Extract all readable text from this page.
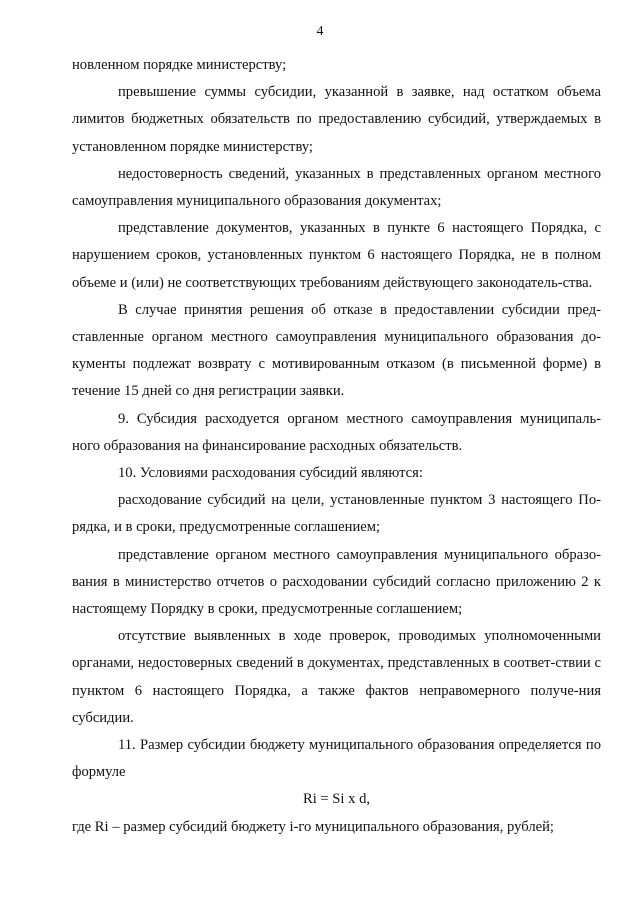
4

новленном порядке министерству;

превышение суммы субсидии, указанной в заявке, над остатком объема лимитов бюджетных обязательств по предоставлению субсидий, утверждаемых в установленном порядке министерству;

недостоверность сведений, указанных в представленных органом местного самоуправления муниципального образования документах;

представление документов, указанных в пункте 6 настоящего Порядка, с нарушением сроков, установленных пунктом 6 настоящего Порядка, не в полном объеме и (или) не соответствующих требованиям действующего законодатель-ства.

В случае принятия решения об отказе в предоставлении субсидии пред-ставленные органом местного самоуправления муниципального образования до-кументы подлежат возврату с мотивированным отказом (в письменной форме) в течение 15 дней со дня регистрации заявки.

9. Субсидия расходуется органом местного самоуправления муниципаль-ного образования на финансирование расходных обязательств.

10. Условиями расходования субсидий являются:

расходование субсидий на цели, установленные пунктом 3 настоящего По-рядка, и в сроки, предусмотренные соглашением;

представление органом местного самоуправления муниципального образо-вания в министерство отчетов о расходовании субсидий согласно приложению 2 к настоящему Порядку в сроки, предусмотренные соглашением;

отсутствие выявленных в ходе проверок, проводимых уполномоченными органами, недостоверных сведений в документах, представленных в соответ-ствии с пунктом 6 настоящего Порядка, а также фактов неправомерного получе-ния субсидии.

11. Размер субсидии бюджету муниципального образования определяется по формуле

Ri = Si x d,

где Ri – размер субсидий бюджету i-го муниципального образования, рублей;
